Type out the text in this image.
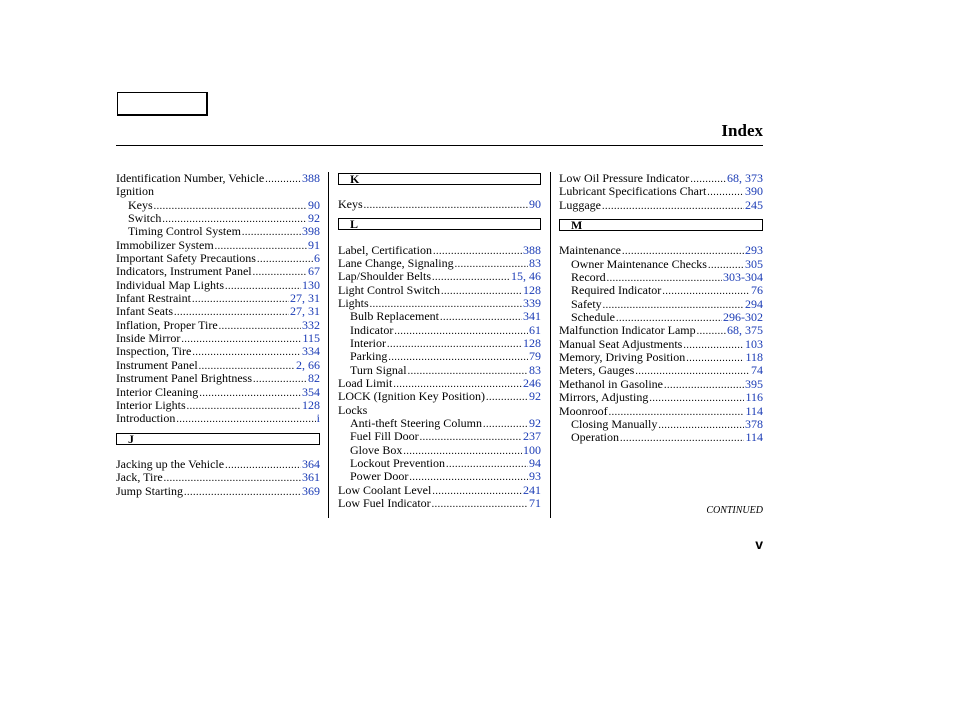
Index
Identification Number, Vehicle .....	388
Ignition
Keys .....	90
Switch .....	92
Timing Control System .....	398
Immobilizer System .....	91
Important Safety Precautions .....	6
Indicators, Instrument Panel .....	67
Individual Map Lights .....	130
Infant Restraint .....	27, 31
Infant Seats .....	27, 31
Inflation, Proper Tire .....	332
Inside Mirror .....	115
Inspection, Tire .....	334
Instrument Panel .....	2, 66
Instrument Panel Brightness .....	82
Interior Cleaning .....	354
Interior Lights .....	128
Introduction .....	i
J
Jacking up the Vehicle .....	364
Jack, Tire .....	361
Jump Starting .....	369
K
Keys .....	90
L
Label, Certification .....	388
Lane Change, Signaling .....	83
Lap/Shoulder Belts .....	15, 46
Light Control Switch .....	128
Lights .....	339
Bulb Replacement .....	341
Indicator .....	61
Interior .....	128
Parking .....	79
Turn Signal .....	83
Load Limit .....	246
LOCK (Ignition Key Position) .....	92
Locks
Anti-theft Steering Column .....	92
Fuel Fill Door .....	237
Glove Box .....	100
Lockout Prevention .....	94
Power Door .....	93
Low Coolant Level .....	241
Low Fuel Indicator .....	71
Low Oil Pressure Indicator .....	68, 373
Lubricant Specifications Chart .....	390
Luggage .....	245
M
Maintenance .....	293
Owner Maintenance Checks .....	305
Record .....	303-304
Required Indicator .....	76
Safety .....	294
Schedule .....	296-302
Malfunction Indicator Lamp .....	68, 375
Manual Seat Adjustments .....	103
Memory, Driving Position .....	118
Meters, Gauges .....	74
Methanol in Gasoline .....	395
Mirrors, Adjusting .....	116
Moonroof .....	114
Closing Manually .....	378
Operation .....	114
CONTINUED
v
